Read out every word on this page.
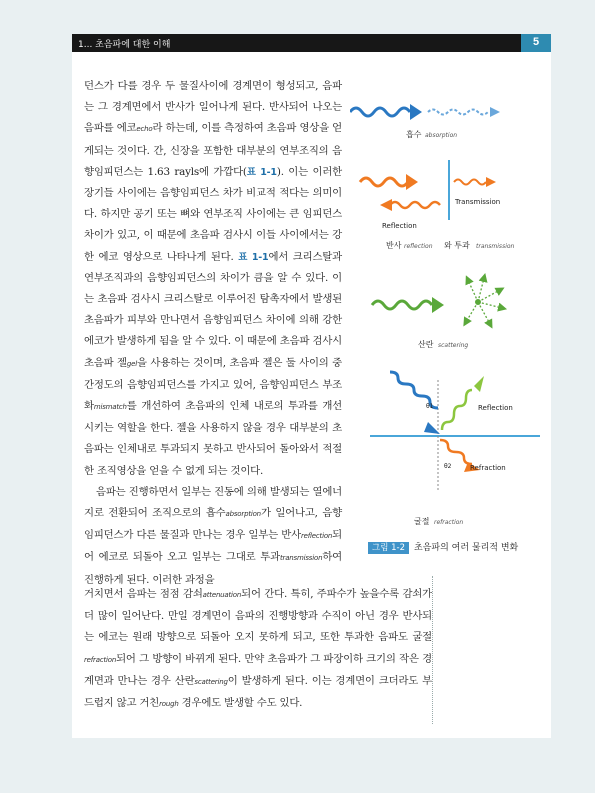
1... 초음파에 대한 이해	5

던스가 다를 경우 두 물질사이에 경계면이 형성되고, 음파는 그 경계면에서 반사가 일어나게 된다. 반사되어 나오는 음파를 에코echo라 하는데, 이를 측정하여 초음파 영상을 얻게되는 것이다. 간, 신장을 포함한 대부분의 연부조직의 음향임피던스는 1.63 rayls에 가깝다(표 1-1). 이는 이러한 장기들 사이에는 음향임피던스 차가 비교적 적다는 의미이다. 하지만 공기 또는 뼈와 연부조직 사이에는 큰 임피던스 차이가 있고, 이 때문에 초음파 검사시 이들 사이에서는 강한 에코 영상으로 나타나게 된다. 표 1-1에서 크리스탈과 연부조직과의 음향임피던스의 차이가 큼을 알 수 있다. 이는 초음파 검사시 크리스탈로 이루어진 탐촉자에서 발생된 초음파가 피부와 만나면서 음향임피던스 차이에 의해 강한 에코가 발생하게 됨을 알 수 있다. 이 때문에 초음파 검사시 초음파 젤gel을 사용하는 것이며, 초음파 젤은 둘 사이의 중간정도의 음향임피던스를 가지고 있어, 음향임피던스 부조화mismatch를 개선하여 초음파의 인체 내로의 투과를 개선시키는 역할을 한다. 젤을 사용하지 않을 경우 대부분의 초음파는 인체내로 투과되지 못하고 반사되어 돌아와서 적절한 조직영상을 얻을 수 없게 되는 것이다.

음파는 진행하면서 일부는 진동에 의해 발생되는 열에너지로 전환되어 조직으로의 흡수absorption가 일어나고, 음향임피던스가 다른 물질과 만나는 경우 일부는 반사reflection되어 에코로 되돌아 오고 일부는 그대로 투과transmission하여 진행하게 된다. 이러한 과정을

거치면서 음파는 점점 감쇠attenuation되어 간다. 특히, 주파수가 높을수록 감쇠가 더 많이 일어난다. 만일 경계면이 음파의 진행방향과 수직이 아닌 경우 반사되는 에코는 원래 방향으로 되돌아 오지 못하게 되고, 또한 투과한 음파도 굴절refraction되어 그 방향이 바뀌게 된다. 만약 초음파가 그 파장이하 크기의 작은 경계면과 만나는 경우 산란scattering이 발생하게 된다. 이는 경계면이 크더라도 부드럽지 않고 거친rough 경우에도 발생할 수도 있다.

흡수 absorption
Transmission
Reflection
반사 reflection 와 투과 transmission
산란 scattering
θ1
θ2
Reflection
Refraction
굴절 refraction
그림 1-2 초음파의 여러 물리적 변화
